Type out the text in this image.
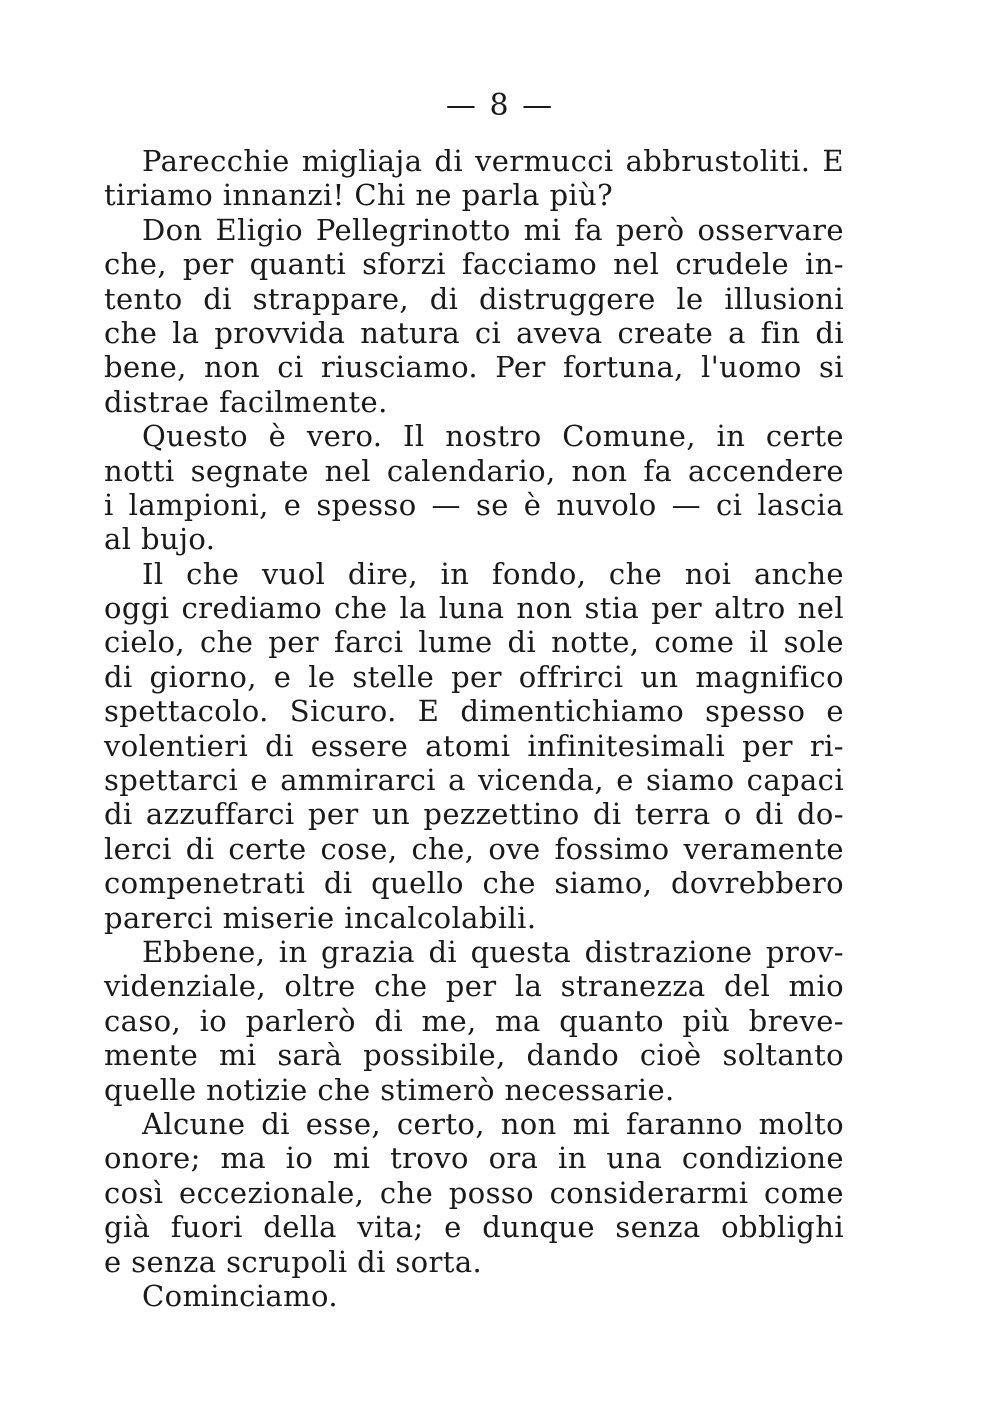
— 8 —
Parecchie migliaja di vermucci abbrustoliti. E
tiriamo innanzi! Chi ne parla più?
Don Eligio Pellegrinotto mi fa però osservare
che, per quanti sforzi facciamo nel crudele in-
tento di strappare, di distruggere le illusioni
che la provvida natura ci aveva create a fin di
bene, non ci riusciamo. Per fortuna, l'uomo si
distrae facilmente.
Questo è vero. Il nostro Comune, in certe
notti segnate nel calendario, non fa accendere
i lampioni, e spesso — se è nuvolo — ci lascia
al bujo.
Il che vuol dire, in fondo, che noi anche
oggi crediamo che la luna non stia per altro nel
cielo, che per farci lume di notte, come il sole
di giorno, e le stelle per offrirci un magnifico
spettacolo. Sicuro. E dimentichiamo spesso e
volentieri di essere atomi infinitesimali per ri-
spettarci e ammirarci a vicenda, e siamo capaci
di azzuffarci per un pezzettino di terra o di do-
lerci di certe cose, che, ove fossimo veramente
compenetrati di quello che siamo, dovrebbero
parerci miserie incalcolabili.
Ebbene, in grazia di questa distrazione prov-
videnziale, oltre che per la stranezza del mio
caso, io parlerò di me, ma quanto più breve-
mente mi sarà possibile, dando cioè soltanto
quelle notizie che stimerò necessarie.
Alcune di esse, certo, non mi faranno molto
onore; ma io mi trovo ora in una condizione
così eccezionale, che posso considerarmi come
già fuori della vita; e dunque senza obblighi
e senza scrupoli di sorta.
Cominciamo.
